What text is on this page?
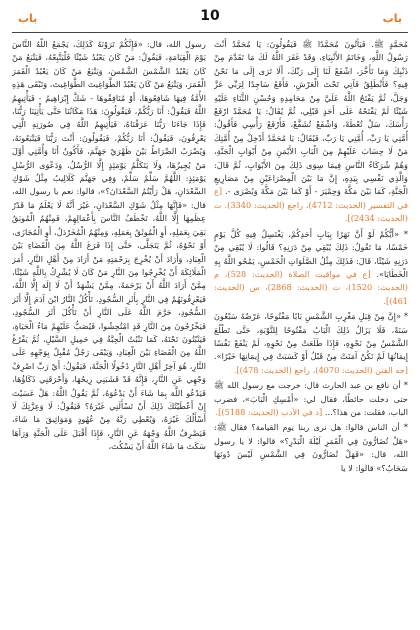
باب	10	باب

مُحَمَّدٍ ﷺ. فَيَأْتُونَ مُحَمَّدًا ﷺ فَيَقُولُونَ: يَا مُحَمَّدُ أَنْتَ رَسُولُ اللَّهِ، وَخَاتَمُ الأَنْبِيَاءِ، وَقَدْ غَفَرَ اللَّهُ لَكَ مَا تَقَدَّمَ مِنْ ذَنْبِكَ وَمَا تَأَخَّرَ، اشْفَعْ لَنَا إِلَى رَبِّكَ، أَلَا تَرَى إِلَى مَا نَحْنُ فِيهِ؟ فَأَنْطَلِقُ فَآتِي تَحْتَ الْعَرْشِ، فَأَقَعُ سَاجِدًا لِرَبِّي عَزَّ وَجَلَّ، ثُمَّ يَفْتَحُ اللَّهُ عَلَيَّ مِنْ مَحَامِدِهِ وَحُسْنِ الثَّنَاءِ عَلَيْهِ شَيْئًا لَمْ يَفْتَحْهُ عَلَى أَحَدٍ قَبْلِي، ثُمَّ يُقَالُ: يَا مُحَمَّدُ ارْفَعْ رَأْسَكَ، سَلْ تُعْطَهْ، وَاشْفَعْ تُشَفَّعْ، فَأَرْفَعُ رَأْسِي فَأَقُولُ: أُمَّتِي يَا رَبِّ، أُمَّتِي يَا رَبِّ، فَيُقَالُ: يَا مُحَمَّدُ أَدْخِلْ مِنْ أُمَّتِكَ مَنْ لَا حِسَابَ عَلَيْهِمْ مِنَ الْبَابِ الأَيْمَنِ مِنْ أَبْوَابِ الْجَنَّةِ، وَهُمْ شُرَكَاءُ النَّاسِ فِيمَا سِوَى ذَلِكَ مِنَ الأَبْوَابِ، ثُمَّ قَالَ: وَالَّذِي نَفْسِي بِيَدِهِ، إِنَّ مَا بَيْنَ الْمِصْرَاعَيْنِ مِنْ مَصَارِيعِ الْجَنَّةِ، كَمَا بَيْنَ مَكَّةَ وَحِمْيَرَ - أَوْ كَمَا بَيْنَ مَكَّةَ وَبُصْرَى -. [ع في التفسير (الحديث: 4712)، راجع (الحديث: 3340). ت (الحديث: 2434)].

* «أَيُّكُمْ لَوْ أَنَّ نَهَرًا بِبَابِ أَحَدِكُمْ، يَغْتَسِلُ فِيهِ كُلَّ يَوْمٍ خَمْسًا، مَا تَقُولُ: ذَلِكَ يُبْقِي مِنْ دَرَنِهِ؟ قَالُوا: لَا يُبْقِي مِنْ دَرَنِهِ شَيْئًا، قَالَ: فَذَلِكَ مِثْلُ الصَّلَوَاتِ الْخَمْسِ، يَمْحُو اللَّهُ بِهِ الْخَطَايَا». [ع في مواقيت الصلاة (الحديث: 528)، م (الحديث: 1520)، ت (الحديث: 2868)، س (الحديث: 461)].

* «إِنَّ مِنْ قِبَلِ مَغْرِبِ الشَّمْسِ بَابًا مَفْتُوحًا، عَرْضُهُ سَبْعُونَ سَنَةً، فَلَا يَزَالُ ذَلِكَ الْبَابُ مَفْتُوحًا لِلتَّوْبَةِ، حَتَّى تَطْلُعَ الشَّمْسُ مِنْ نَحْوِهِ، فَإِذَا طَلَعَتْ مِنْ نَحْوِهِ، لَمْ يَنْفَعْ نَفْسًا إِيمَانُهَا لَمْ تَكُنْ آمَنَتْ مِنْ قَبْلُ أَوْ كَسَبَتْ فِي إِيمَانِهَا خَيْرًا». [جه الفتن (الحديث: 4070)، راجع (الحديث: 478)].

* أن نافع بن عبد الحارث قال: خرجت مع رسول الله ﷺ حتى دخلت حائطًا، فقال لي: «أَمْسِكِ الْبَابَ»، فضرب الباب، فقلت: من هذا؟... [د في الأدب (الحديث: 5188)].

* أن الناس قالوا: هل نرى ربنا يوم القيامة؟ فقال ﷺ: «هَلْ تُضَارُّونَ فِي الْقَمَرِ لَيْلَةَ الْبَدْرِ؟» قالوا: لا يا رسول الله، قال: «فَهَلْ تُضَارُّونَ فِي الشَّمْسِ لَيْسَ دُونَهَا سَحَابٌ؟» قالوا: لا يا

رسول الله، قال: «فَإِنَّكُمْ تَرَوْنَهُ كَذَلِكَ، يَجْمَعُ اللَّهُ النَّاسَ يَوْمَ الْقِيَامَةِ، فَيَقُولُ: مَنْ كَانَ يَعْبُدُ شَيْئًا فَلْيَتَّبِعْهُ، فَيَتْبَعُ مَنْ كَانَ يَعْبُدُ الشَّمْسَ الشَّمْسَ، وَيَتْبَعُ مَنْ كَانَ يَعْبُدُ الْقَمَرَ الْقَمَرَ، وَيَتْبَعُ مَنْ كَانَ يَعْبُدُ الطَّوَاغِيتَ الطَّوَاغِيتَ، وَتَبْقَى هَذِهِ الأُمَّةُ فِيهَا شَافِعُوهَا، أَوْ مُنَافِقُوهَا - شَكَّ إِبْرَاهِيمُ - فَيَأْتِيهِمُ اللَّهُ فَيَقُولُ: أَنَا رَبُّكُمْ، فَيَقُولُونَ: هَذَا مَكَانُنَا حَتَّى يَأْتِيَنَا رَبُّنَا، فَإِذَا جَاءَنَا رَبُّنَا عَرَفْنَاهُ، فَيَأْتِيهِمُ اللَّهُ فِي صُورَتِهِ الَّتِي يَعْرِفُونَ، فَيَقُولُ: أَنَا رَبُّكُمْ، فَيَقُولُونَ: أَنْتَ رَبُّنَا فَيَتْبَعُونَهُ، وَيُضْرَبُ الصِّرَاطُ بَيْنَ ظَهْرَيْ جَهَنَّمَ، فَأَكُونُ أَنَا وَأُمَّتِي أَوَّلَ مَنْ يُجِيزُهَا، وَلَا يَتَكَلَّمُ يَوْمَئِذٍ إِلَّا الرُّسُلُ، وَدَعْوَى الرُّسُلِ يَوْمَئِذٍ: اللَّهُمَّ سَلِّمْ سَلِّمْ، وَفِي جَهَنَّمَ كَلَالِيبُ مِثْلُ شَوْكِ السَّعْدَانِ، هَلْ رَأَيْتُمُ السَّعْدَانَ؟»، قالوا: نعم يا رسول الله، قال: «فَإِنَّهَا مِثْلُ شَوْكِ السَّعْدَانِ، غَيْرَ أَنَّهُ لَا يَعْلَمُ مَا قَدْرُ عِظَمِهَا إِلَّا اللَّهُ، تَخْطَفُ النَّاسَ بِأَعْمَالِهِمْ، فَمِنْهُمُ الْمُوبَقُ بَقِيَ بِعَمَلِهِ، أَوِ الْمُوثَقُ بِعَمَلِهِ، وَمِنْهُمُ الْمُخَرْدَلُ، أَوِ الْمُجَازَى، أَوْ نَحْوُهُ، ثُمَّ يَتَجَلَّى، حَتَّى إِذَا فَرَغَ اللَّهُ مِنَ الْقَضَاءِ بَيْنَ الْعِبَادِ، وَأَرَادَ أَنْ يُخْرِجَ بِرَحْمَتِهِ مَنْ أَرَادَ مِنْ أَهْلِ النَّارِ، أَمَرَ الْمَلَائِكَةَ أَنْ يُخْرِجُوا مِنَ النَّارِ مَنْ كَانَ لَا يُشْرِكُ بِاللَّهِ شَيْئًا، مِمَّنْ أَرَادَ اللَّهُ أَنْ يَرْحَمَهُ، مِمَّنْ يَشْهَدُ أَنْ لَا إِلَهَ إِلَّا اللَّهُ، فَيَعْرِفُونَهُمْ فِي النَّارِ بِأَثَرِ السُّجُودِ، تَأْكُلُ النَّارُ ابْنَ آدَمَ إِلَّا أَثَرَ السُّجُودِ، حَرَّمَ اللَّهُ عَلَى النَّارِ أَنْ تَأْكُلَ أَثَرَ السُّجُودِ، فَيَخْرُجُونَ مِنَ النَّارِ قَدِ امْتُحِشُوا، فَيُصَبُّ عَلَيْهِمْ مَاءُ الْحَيَاةِ، فَيَنْبُتُونَ تَحْتَهُ، كَمَا تَنْبُتُ الْحِبَّةُ فِي حَمِيلِ السَّيْلِ، ثُمَّ يَفْرُغُ اللَّهُ مِنَ الْقَضَاءِ بَيْنَ الْعِبَادِ، وَيَبْقَى رَجُلٌ مُقْبِلٌ بِوَجْهِهِ عَلَى النَّارِ، هُوَ آخِرُ أَهْلِ النَّارِ دُخُولًا الْجَنَّةَ، فَيَقُولُ: أَيْ رَبِّ اصْرِفْ وَجْهِي عَنِ النَّارِ، فَإِنَّهُ قَدْ قَشَبَنِي رِيحُهَا، وَأَحْرَقَنِي ذَكَاؤُهَا، فَيَدْعُو اللَّهَ بِمَا شَاءَ أَنْ يَدْعُوَهُ، ثُمَّ يَقُولُ اللَّهُ: هَلْ عَسَيْتَ إِنْ أَعْطَيْتُكَ ذَلِكَ أَنْ تَسْأَلَنِي غَيْرَهُ؟ فَيَقُولُ: لَا وَعِزَّتِكَ لَا أَسْأَلُكَ غَيْرَهُ، وَيُعْطِي رَبَّهُ مِنْ عُهُودٍ وَمَوَاثِيقَ مَا شَاءَ، فَيَصْرِفُ اللَّهُ وَجْهَهُ عَنِ النَّارِ، فَإِذَا أَقْبَلَ عَلَى الْجَنَّةِ وَرَآهَا سَكَتَ مَا شَاءَ اللَّهُ أَنْ يَسْكُتَ،
